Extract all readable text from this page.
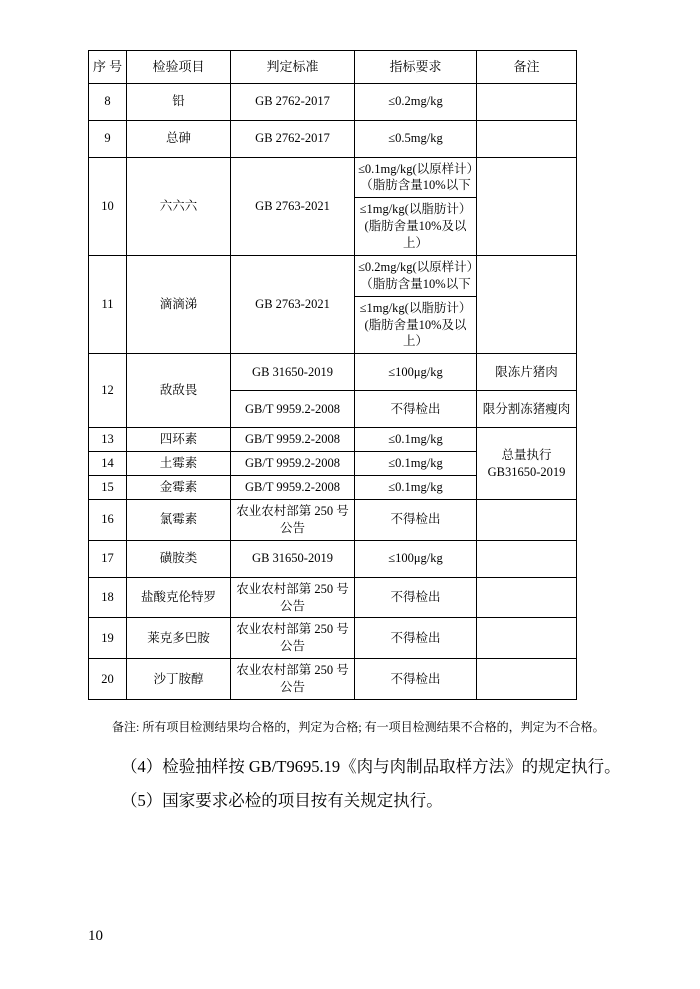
序 号	检验项目	判定标准	指标要求	备注
8	铅	GB 2762-2017	≤0.2mg/kg	
9	总砷	GB 2762-2017	≤0.5mg/kg	
10	六六六	GB 2763-2021	≤0.1mg/kg(以原样计）（脂肪含量10%以下	
			≤1mg/kg(以脂肪计）(脂肪舍量10%及以上）	
11	滴滴涕	GB 2763-2021	≤0.2mg/kg(以原样计）（脂肪含量10%以下	
			≤1mg/kg(以脂肪计）(脂肪舍量10%及以上）	
12	敌敌畏	GB 31650-2019	≤100μg/kg	限冻片猪肉
		GB/T 9959.2-2008	不得检出	限分割冻猪瘦肉
13	四环素	GB/T 9959.2-2008	≤0.1mg/kg	总量执行GB31650-2019
14	土霉素	GB/T 9959.2-2008	≤0.1mg/kg	
15	金霉素	GB/T 9959.2-2008	≤0.1mg/kg	
16	氯霉素	农业农村部第 250 号公告	不得检出	
17	磺胺类	GB 31650-2019	≤100μg/kg	
18	盐酸克伦特罗	农业农村部第 250 号公告	不得检出	
19	莱克多巴胺	农业农村部第 250 号公告	不得检出	
20	沙丁胺醇	农业农村部第 250 号公告	不得检出	
备注: 所有项目检测结果均合格的，判定为合格; 有一项目检测结果不合格的，判定为不合格。
（4）检验抽样按 GB/T9695.19《肉与肉制品取样方法》的规定执行。
（5）国家要求必检的项目按有关规定执行。
10
